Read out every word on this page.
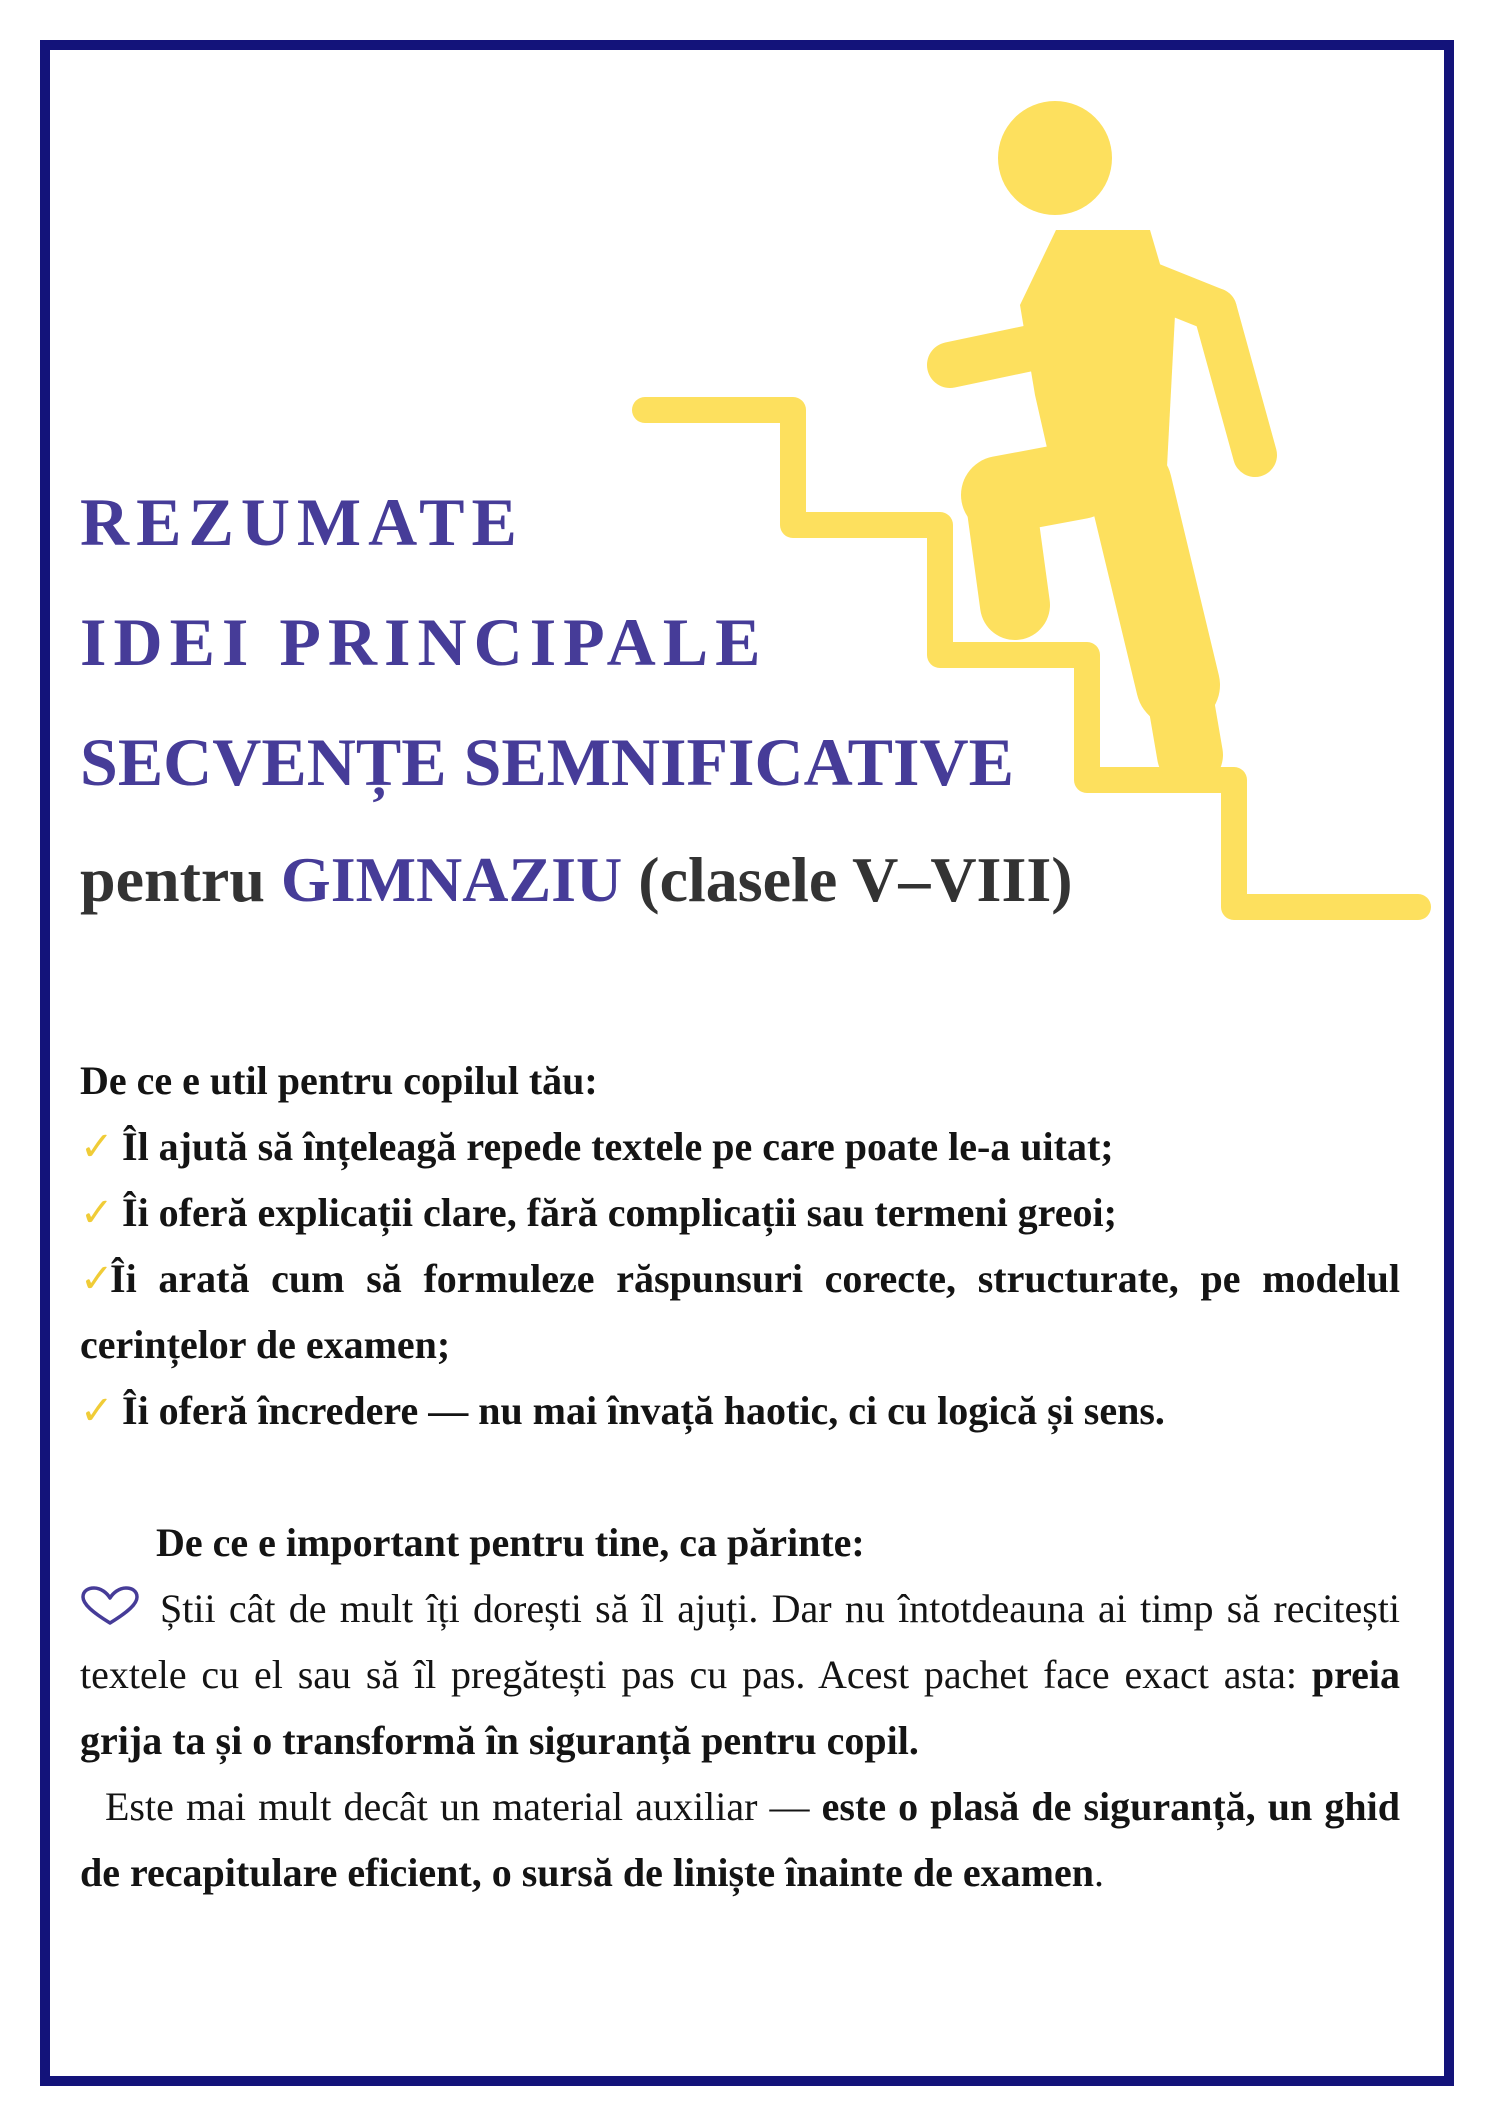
REZUMATE
IDEI PRINCIPALE
SECVENȚE SEMNIFICATIVE
pentru GIMNAZIU (clasele V–VIII)

De ce e util pentru copilul tău:

✓ Îl ajută să înțeleagă repede textele pe care poate le-a uitat;

✓ Îi oferă explicații clare, fără complicații sau termeni greoi;

✓Îi arată cum să formuleze răspunsuri corecte, structurate, pe modelul cerințelor de examen;

✓ Îi oferă încredere — nu mai învață haotic, ci cu logică și sens.

De ce e important pentru tine, ca părinte:

Știi cât de mult îți dorești să îl ajuți. Dar nu întotdeauna ai timp să recitești textele cu el sau să îl pregătești pas cu pas. Acest pachet face exact asta: preia grija ta și o transformă în siguranță pentru copil.

Este mai mult decât un material auxiliar — este o plasă de siguranță, un ghid de recapitulare eficient, o sursă de liniște înainte de examen.
